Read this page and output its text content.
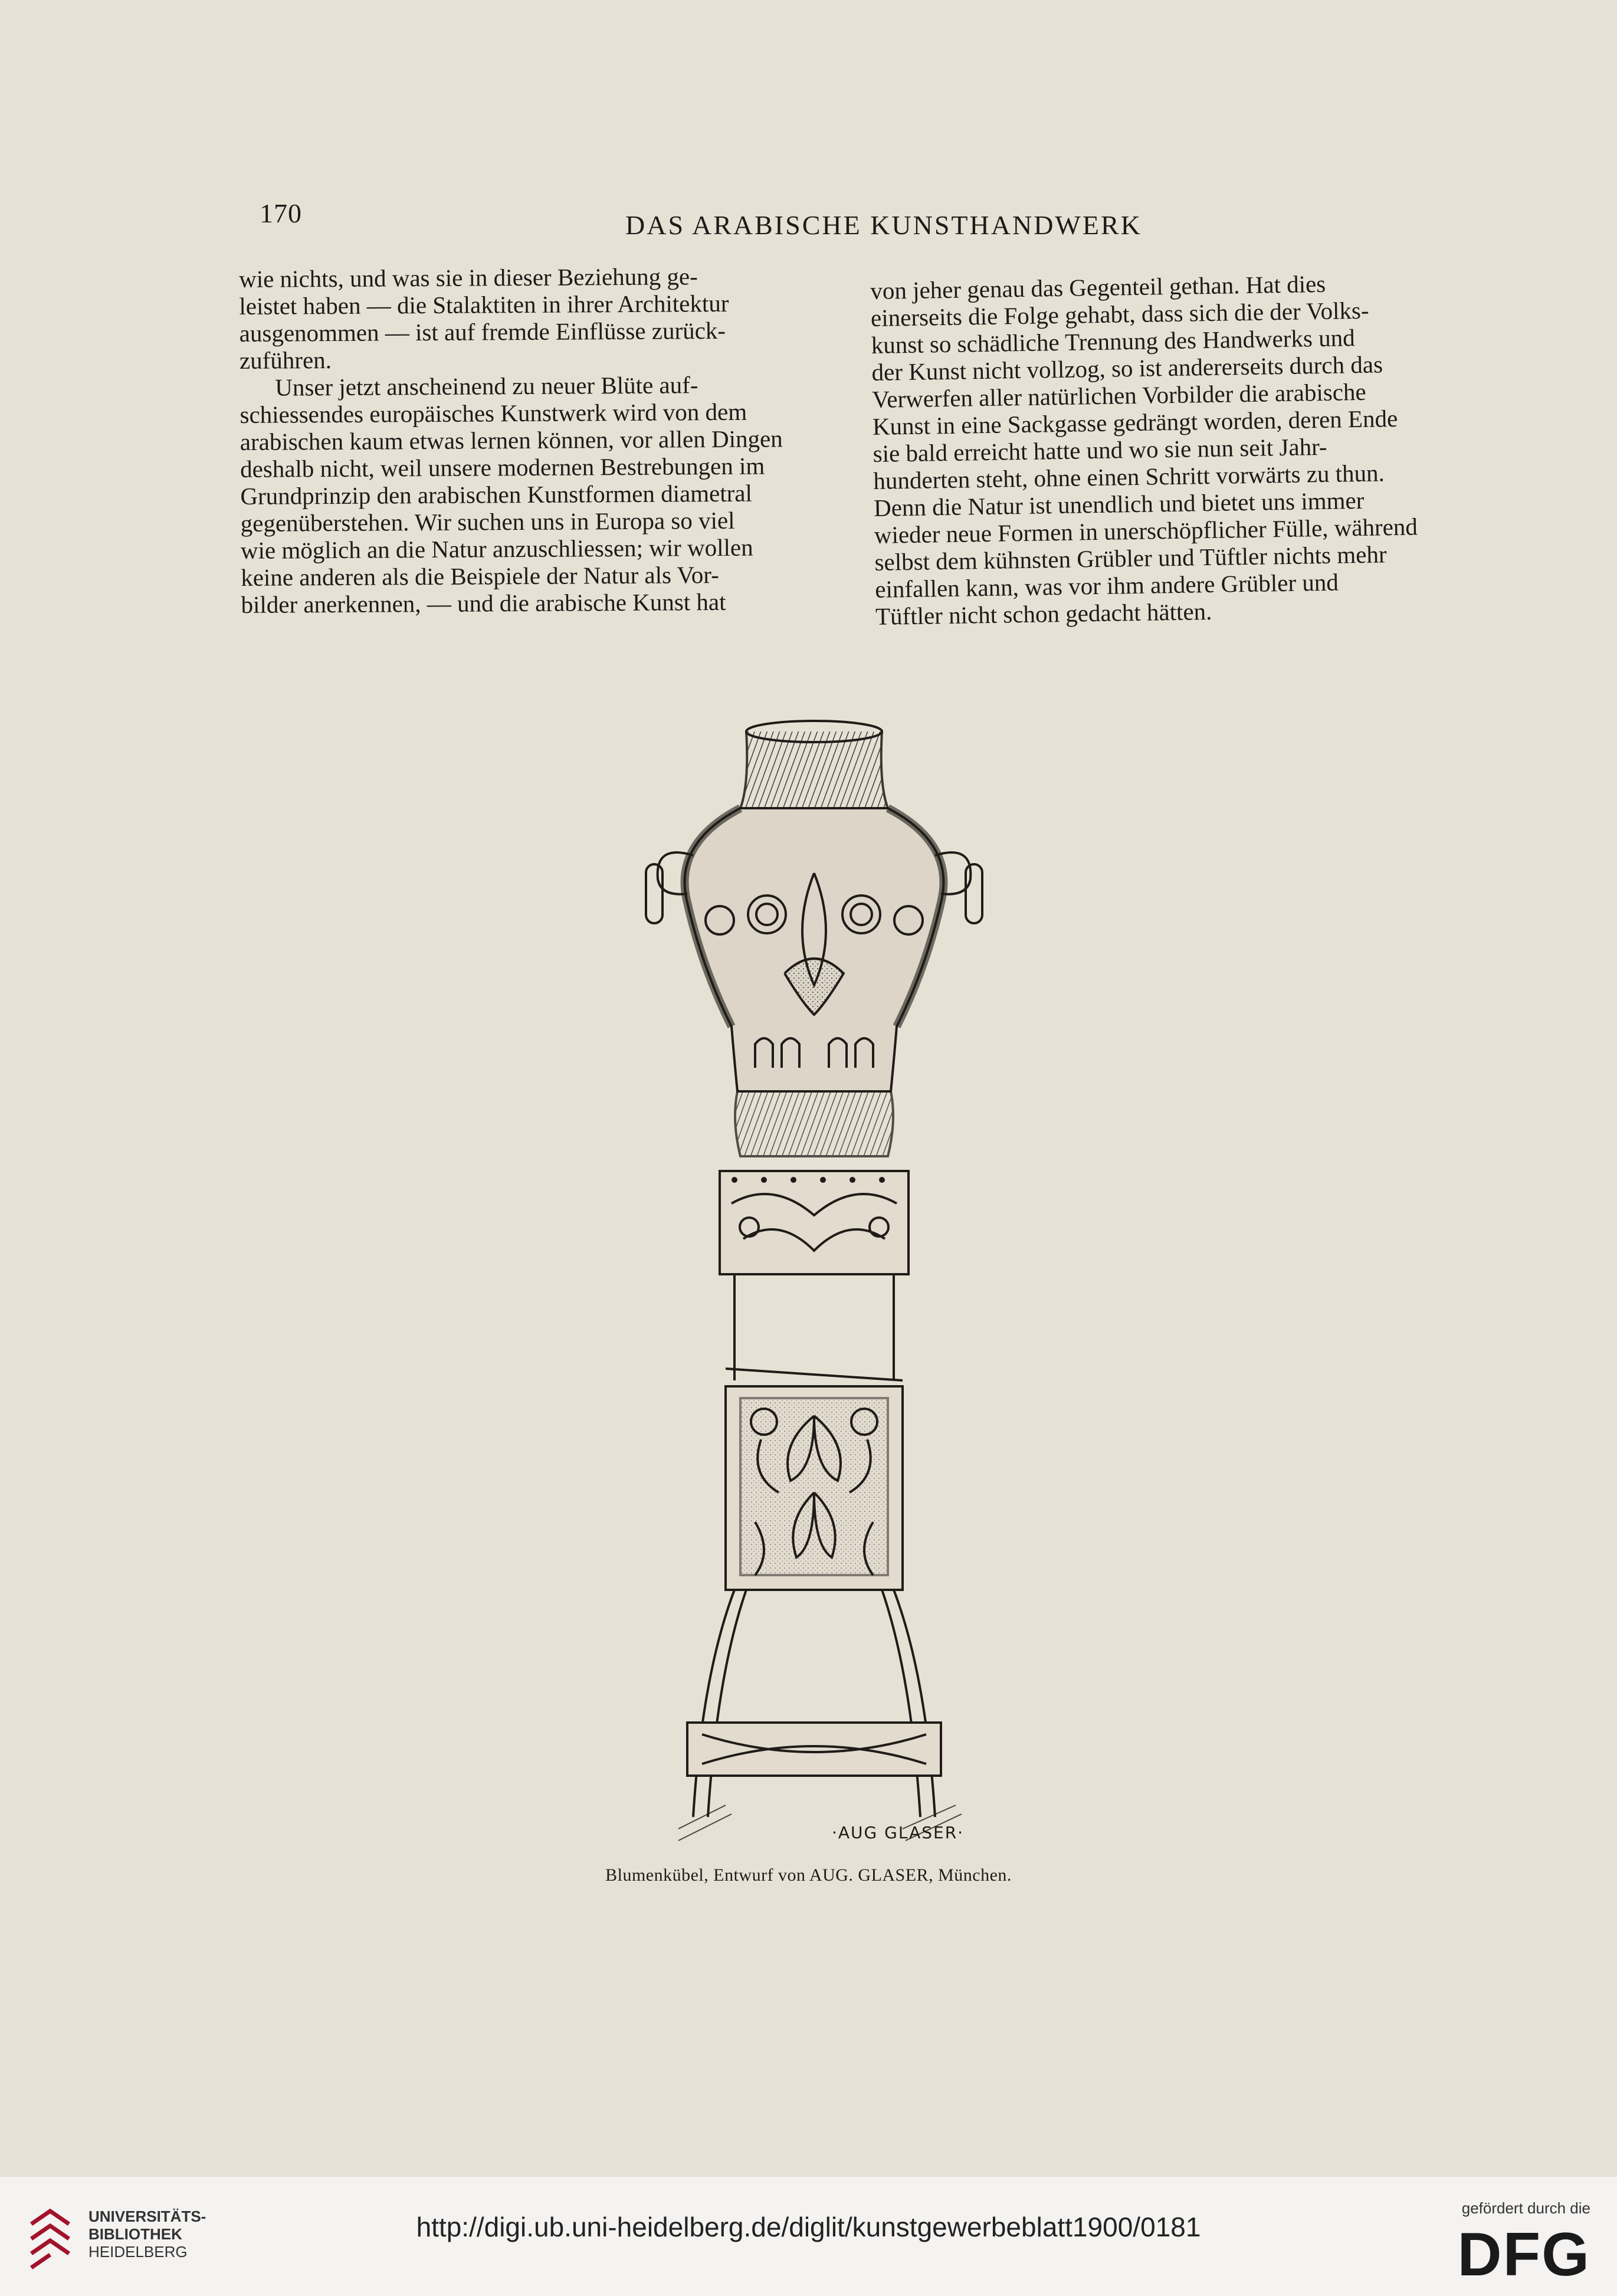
170	DAS ARABISCHE KUNSTHANDWERK

wie nichts, und was sie in dieser Beziehung ge-
leistet haben — die Stalaktiten in ihrer Architektur
ausgenommen — ist auf fremde Einflüsse zurück-
zuführen.

Unser jetzt anscheinend zu neuer Blüte auf-
schiessendes europäisches Kunstwerk wird von dem
arabischen kaum etwas lernen können, vor allen Dingen
deshalb nicht, weil unsere modernen Bestrebungen im
Grundprinzip den arabischen Kunstformen diametral
gegenüberstehen. Wir suchen uns in Europa so viel
wie möglich an die Natur anzuschliessen; wir wollen
keine anderen als die Beispiele der Natur als Vor-
bilder anerkennen, — und die arabische Kunst hat

von jeher genau das Gegenteil gethan. Hat dies
einerseits die Folge gehabt, dass sich die der Volks-
kunst so schädliche Trennung des Handwerks und
der Kunst nicht vollzog, so ist andererseits durch das
Verwerfen aller natürlichen Vorbilder die arabische
Kunst in eine Sackgasse gedrängt worden, deren Ende
sie bald erreicht hatte und wo sie nun seit Jahr-
hunderten steht, ohne einen Schritt vorwärts zu thun.
Denn die Natur ist unendlich und bietet uns immer
wieder neue Formen in unerschöpflicher Fülle, während
selbst dem kühnsten Grübler und Tüftler nichts mehr
einfallen kann, was vor ihm andere Grübler und
Tüftler nicht schon gedacht hätten.

·AUG GLASER·
Blumenkübel, Entwurf von AUG. GLASER, München.
UNIVERSITÄTS-
BIBLIOTHEK
HEIDELBERG
http://digi.ub.uni-heidelberg.de/diglit/kunstgewerbeblatt1900/0181
gefördert durch die
DFG
